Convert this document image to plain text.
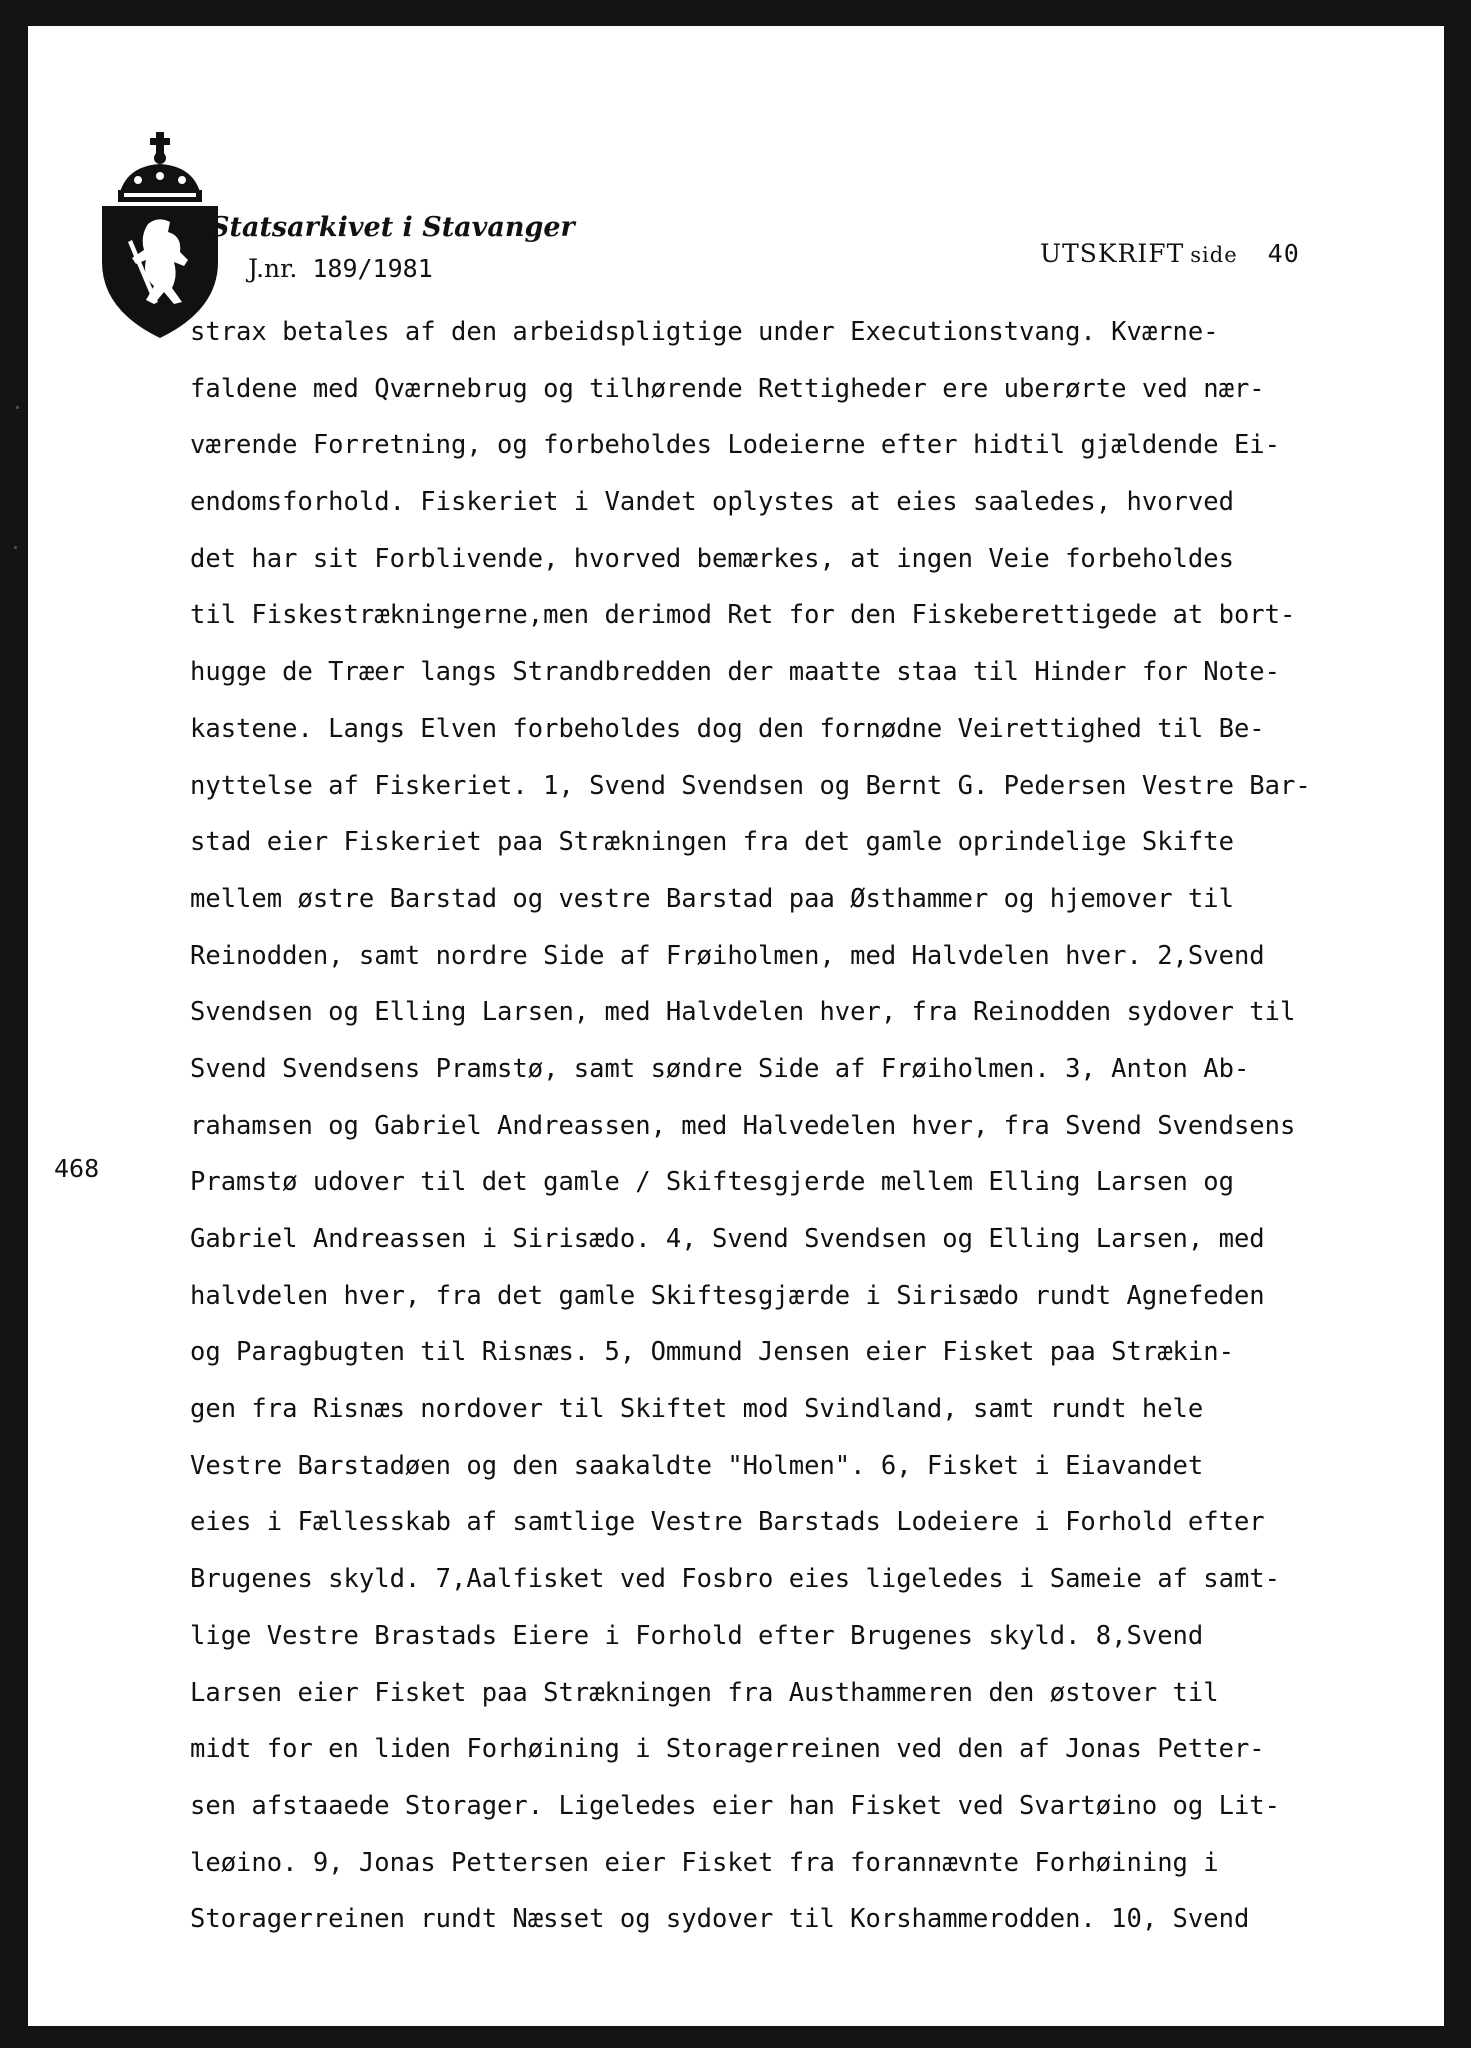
Statsarkivet i Stavanger
J.nr. 189/1981
UTSKRIFT side 40
468
strax betales af den arbeidspligtige under Executionstvang. Kværne-
faldene med Qværnebrug og tilhørende Rettigheder ere uberørte ved nær-
værende Forretning, og forbeholdes Lodeierne efter hidtil gjældende Ei-
endomsforhold. Fiskeriet i Vandet oplystes at eies saaledes, hvorved
det har sit Forblivende, hvorved bemærkes, at ingen Veie forbeholdes
til Fiskestrækningerne,men derimod Ret for den Fiskeberettigede at bort-
hugge de Træer langs Strandbredden der maatte staa til Hinder for Note-
kastene. Langs Elven forbeholdes dog den fornødne Veirettighed til Be-
nyttelse af Fiskeriet. 1, Svend Svendsen og Bernt G. Pedersen Vestre Bar-
stad eier Fiskeriet paa Strækningen fra det gamle oprindelige Skifte
mellem østre Barstad og vestre Barstad paa Østhammer og hjemover til
Reinodden, samt nordre Side af Frøiholmen, med Halvdelen hver. 2,Svend
Svendsen og Elling Larsen, med Halvdelen hver, fra Reinodden sydover til
Svend Svendsens Pramstø, samt søndre Side af Frøiholmen. 3, Anton Ab-
rahamsen og Gabriel Andreassen, med Halvedelen hver, fra Svend Svendsens
Pramstø udover til det gamle / Skiftesgjerde mellem Elling Larsen og
Gabriel Andreassen i Sirisædo. 4, Svend Svendsen og Elling Larsen, med
halvdelen hver, fra det gamle Skiftesgjærde i Sirisædo rundt Agnefeden
og Paragbugten til Risnæs. 5, Ommund Jensen eier Fisket paa Strækin-
gen fra Risnæs nordover til Skiftet mod Svindland, samt rundt hele
Vestre Barstadøen og den saakaldte "Holmen". 6, Fisket i Eiavandet
eies i Fællesskab af samtlige Vestre Barstads Lodeiere i Forhold efter
Brugenes skyld. 7,Aalfisket ved Fosbro eies ligeledes i Sameie af samt-
lige Vestre Brastads Eiere i Forhold efter Brugenes skyld. 8,Svend
Larsen eier Fisket paa Strækningen fra Austhammeren den østover til
midt for en liden Forhøining i Storagerreinen ved den af Jonas Petter-
sen afstaaede Storager. Ligeledes eier han Fisket ved Svartøino og Lit-
leøino. 9, Jonas Pettersen eier Fisket fra forannævnte Forhøining i
Storagerreinen rundt Næsset og sydover til Korshammerodden. 10, Svend
